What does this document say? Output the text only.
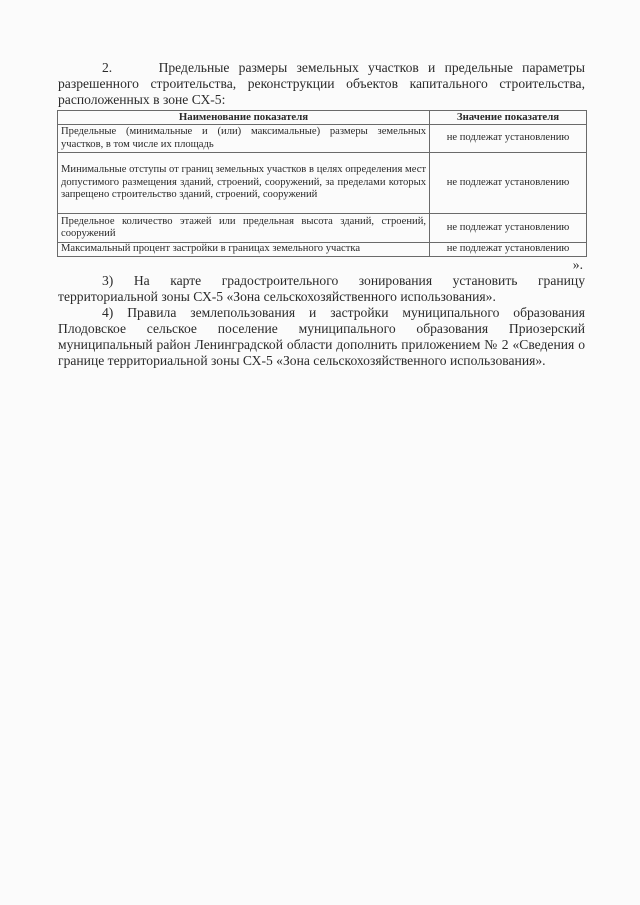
2.	Предельные размеры земельных участков и предельные параметры разрешенного строительства, реконструкции объектов капитального строительства, расположенных в зоне СХ-5:

Наименование показателя	Значение показателя
Предельные (минимальные и (или) максимальные) размеры земельных участков, в том числе их площадь	не подлежат установлению
Минимальные отступы от границ земельных участков в целях определения мест допустимого размещения зданий, строений, сооружений, за пределами которых запрещено строительство зданий, строений, сооружений	не подлежат установлению
Предельное количество этажей или предельная высота зданий, строений, сооружений	не подлежат установлению
Максимальный процент застройки в границах земельного участка	не подлежат установлению

».

3) На карте градостроительного зонирования установить границу территориальной зоны СХ-5 «Зона сельскохозяйственного использования».

4) Правила землепользования и застройки муниципального образования Плодовское сельское поселение муниципального образования Приозерский муниципальный район Ленинградской области дополнить приложением № 2 «Сведения о границе территориальной зоны СХ-5 «Зона сельскохозяйственного использования».
